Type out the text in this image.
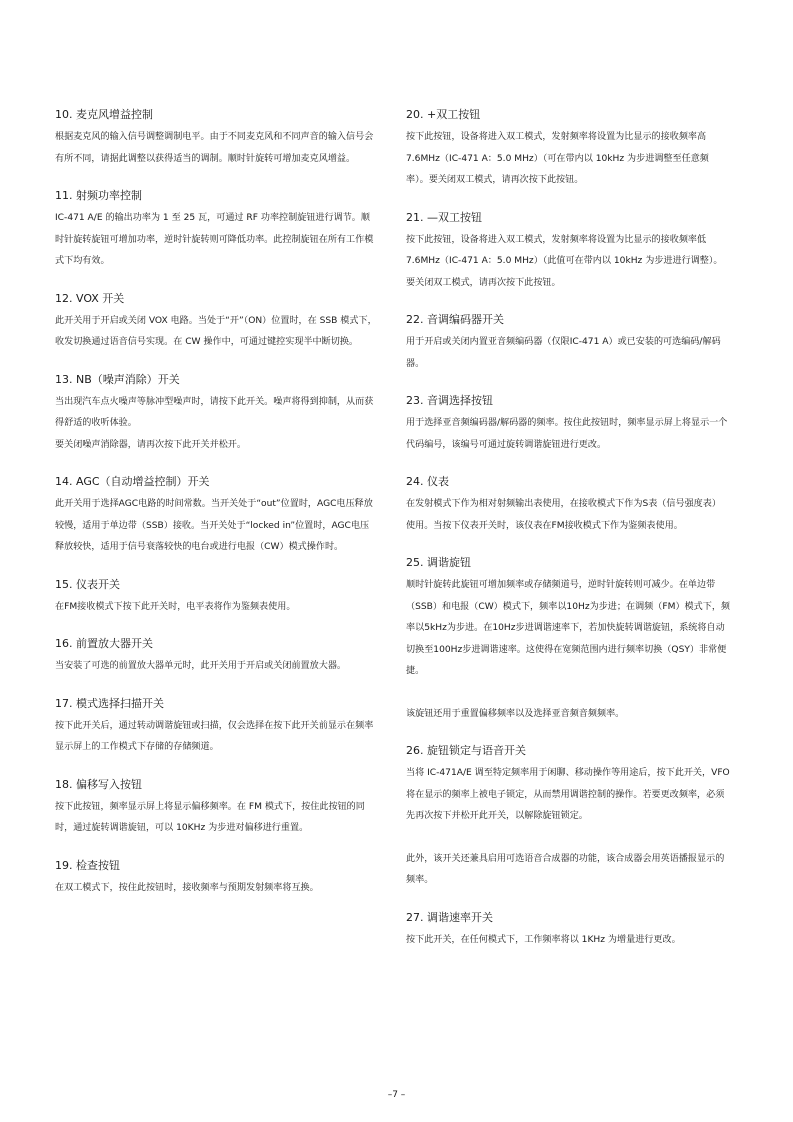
10. 麦克风增益控制

根据麦克风的输入信号调整调制电平。由于不同麦克风和不同声音的输入信号会有所不同，请据此调整以获得适当的调制。顺时针旋转可增加麦克风增益。

11. 射频功率控制

IC-471 A/E 的输出功率为 1 至 25 瓦，可通过 RF 功率控制旋钮进行调节。顺时针旋转旋钮可增加功率，逆时针旋转则可降低功率。此控制旋钮在所有工作模式下均有效。

12. VOX 开关

此开关用于开启或关闭 VOX 电路。当处于“开”（ON）位置时，在 SSB 模式下，收发切换通过语音信号实现。在 CW 操作中，可通过键控实现半中断切换。

13. NB（噪声消除）开关

当出现汽车点火噪声等脉冲型噪声时，请按下此开关。噪声将得到抑制，从而获得舒适的收听体验。

要关闭噪声消除器，请再次按下此开关并松开。

14. AGC（自动增益控制）开关

此开关用于选择AGC电路的时间常数。当开关处于“out”位置时，AGC电压释放较慢，适用于单边带（SSB）接收。当开关处于“locked in”位置时，AGC电压释放较快，适用于信号衰落较快的电台或进行电报（CW）模式操作时。

15. 仪表开关

在FM接收模式下按下此开关时，电平表将作为鉴频表使用。

16. 前置放大器开关

当安装了可选的前置放大器单元时，此开关用于开启或关闭前置放大器。

17. 模式选择扫描开关

按下此开关后，通过转动调谐旋钮或扫描，仅会选择在按下此开关前显示在频率显示屏上的工作模式下存储的存储频道。

18. 偏移写入按钮

按下此按钮，频率显示屏上将显示偏移频率。在 FM 模式下，按住此按钮的同时，通过旋转调谐旋钮，可以 10KHz 为步进对偏移进行重置。

19. 检查按钮

在双工模式下，按住此按钮时，接收频率与预期发射频率将互换。

20. +双工按钮

按下此按钮，设备将进入双工模式，发射频率将设置为比显示的接收频率高 7.6MHz（IC-471 A：5.0 MHz）（可在带内以 10kHz 为步进调整至任意频率）。要关闭双工模式，请再次按下此按钮。

21. —双工按钮

按下此按钮，设备将进入双工模式，发射频率将设置为比显示的接收频率低 7.6MHz（IC-471 A：5.0 MHz）（此值可在带内以 10kHz 为步进进行调整）。要关闭双工模式，请再次按下此按钮。

22. 音调编码器开关

用于开启或关闭内置亚音频编码器（仅限IC-471 A）或已安装的可选编码/解码器。

23. 音调选择按钮

用于选择亚音频编码器/解码器的频率。按住此按钮时，频率显示屏上将显示一个代码编号，该编号可通过旋转调谐旋钮进行更改。

24. 仪表

在发射模式下作为相对射频输出表使用，在接收模式下作为S表（信号强度表）使用。当按下仪表开关时，该仪表在FM接收模式下作为鉴频表使用。

25. 调谐旋钮

顺时针旋转此旋钮可增加频率或存储频道号，逆时针旋转则可减少。在单边带（SSB）和电报（CW）模式下，频率以10Hz为步进；在调频（FM）模式下，频率以5kHz为步进。在10Hz步进调谐速率下，若加快旋转调谐旋钮，系统将自动切换至100Hz步进调谐速率。这使得在宽频范围内进行频率切换（QSY）非常便捷。

该旋钮还用于重置偏移频率以及选择亚音频音频频率。

26. 旋钮锁定与语音开关

当将 IC-471A/E 调至特定频率用于闲聊、移动操作等用途后，按下此开关，VFO 将在显示的频率上被电子锁定，从而禁用调谐控制的操作。若要更改频率，必须先再次按下并松开此开关，以解除旋钮锁定。

此外，该开关还兼具启用可选语音合成器的功能，该合成器会用英语播报显示的频率。

27. 调谐速率开关

按下此开关，在任何模式下，工作频率将以 1KHz 为增量进行更改。

–7 –
